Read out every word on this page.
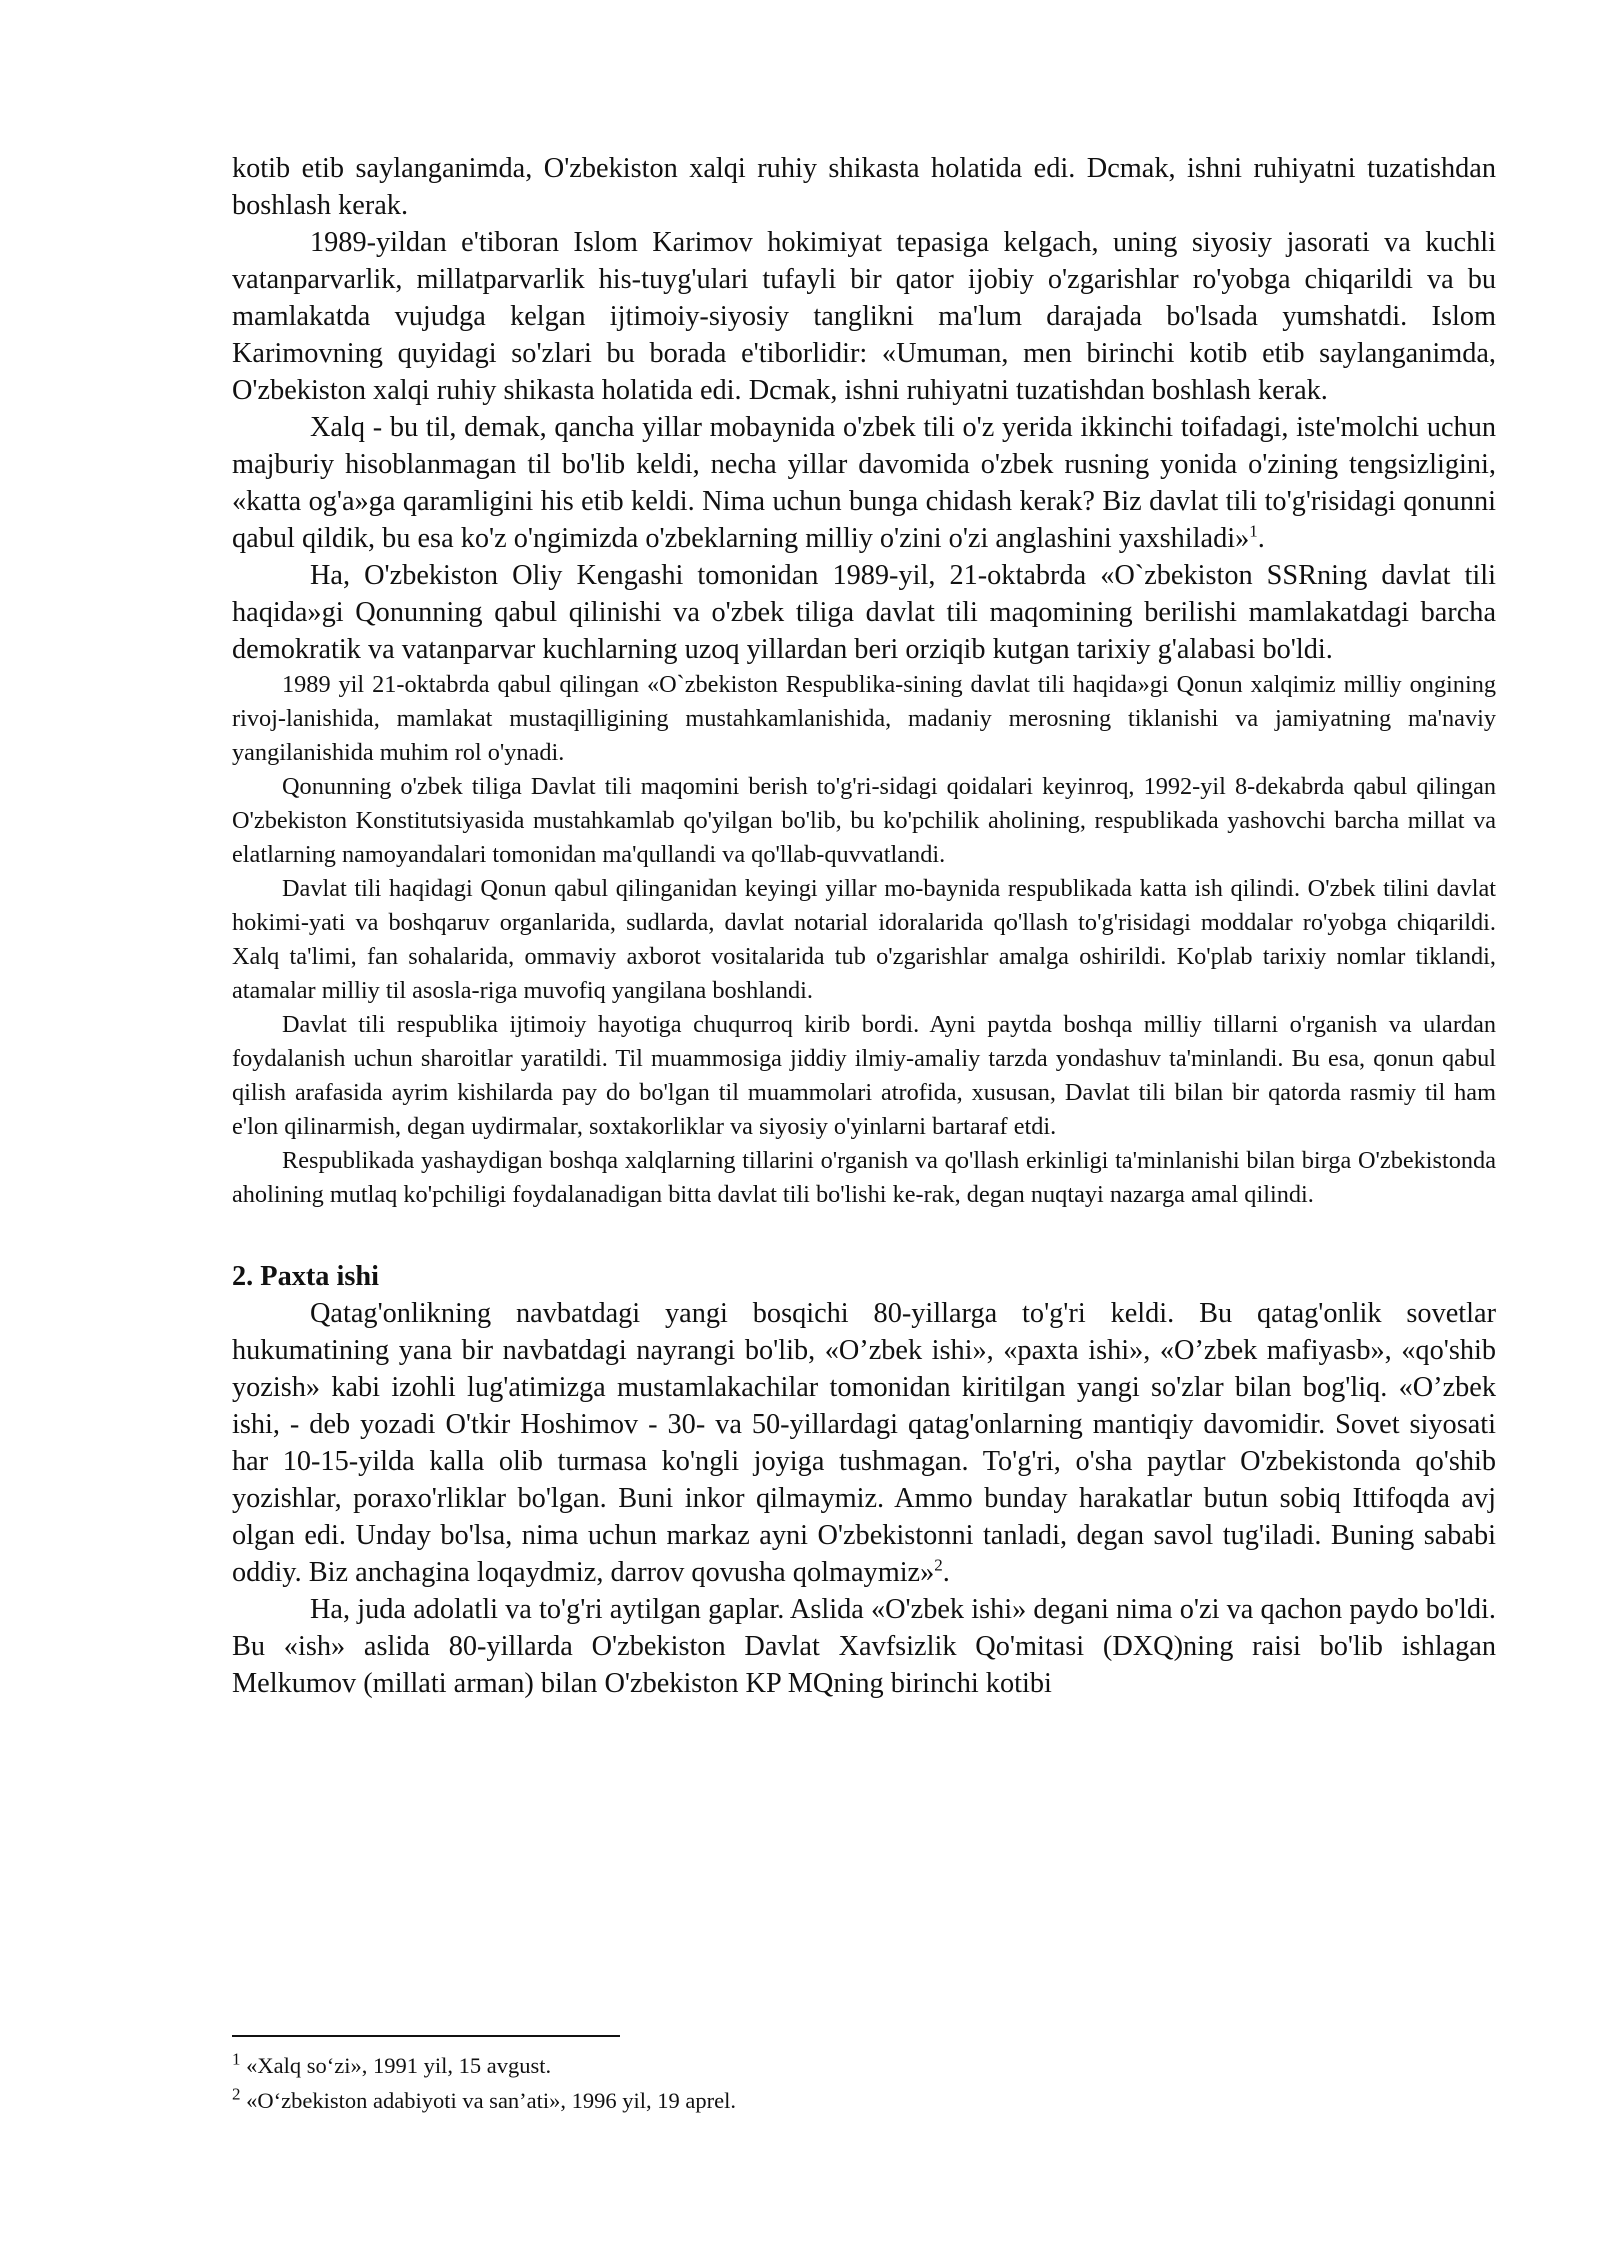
kotib etib saylanganimda, O'zbekiston xalqi ruhiy shikasta holatida edi. Dcmak, ishni ruhiyatni tuzatishdan boshlash kerak.

1989-yildan e'tiboran Islom Karimov hokimiyat tepasiga kelgach, uning siyosiy jasorati va kuchli vatanparvarlik, millatparvarlik his-tuyg'ulari tufayli bir qator ijobiy o'zgarishlar ro'yobga chiqarildi va bu mamlakatda vujudga kelgan ijtimoiy-siyosiy tanglikni ma'lum darajada bo'lsada yumshatdi. Islom Karimovning quyidagi so'zlari bu borada e'tiborlidir: «Umuman, men birinchi kotib etib saylanganimda, O'zbekiston xalqi ruhiy shikasta holatida edi. Dcmak, ishni ruhiyatni tuzatishdan boshlash kerak.

Xalq - bu til, demak, qancha yillar mobaynida o'zbek tili o'z yerida ikkinchi toifadagi, iste'molchi uchun majburiy hisoblanmagan til bo'lib keldi, necha yillar davomida o'zbek rusning yonida o'zining tengsizligini, «katta og'a»ga qaramligini his etib keldi. Nima uchun bunga chidash kerak? Biz davlat tili to'g'risidagi qonunni qabul qildik, bu esa ko'z o'ngimizda o'zbeklarning milliy o'zini o'zi anglashini yaxshiladi»$^1$.

Ha, O'zbekiston Oliy Kengashi tomonidan 1989-yil, 21-oktabrda «O`zbekiston SSRning davlat tili haqida»gi Qonunning qabul qilinishi va o'zbek tiliga davlat tili maqomining berilishi mamlakatdagi barcha demokratik va vatanparvar kuchlarning uzoq yillardan beri orziqib kutgan tarixiy g'alabasi bo'ldi.

1989 yil 21-oktabrda qabul qilingan «O`zbekiston Respublika-sining davlat tili haqida»gi Qonun xalqimiz milliy ongining rivoj-lanishida, mamlakat mustaqilligining mustahkamlanishida, madaniy merosning tiklanishi va jamiyatning ma'naviy yangilanishida muhim rol o'ynadi.

Qonunning o'zbek tiliga Davlat tili maqomini berish to'g'ri-sidagi qoidalari keyinroq, 1992-yil 8-dekabrda qabul qilingan O'zbekiston Konstitutsiyasida mustahkamlab qo'yilgan bo'lib, bu ko'pchilik aholining, respublikada yashovchi barcha millat va elatlarning namoyandalari tomonidan ma'qullandi va qo'llab-quvvatlandi.

Davlat tili haqidagi Qonun qabul qilinganidan keyingi yillar mo-baynida respublikada katta ish qilindi. O'zbek tilini davlat hokimi-yati va boshqaruv organlarida, sudlarda, davlat notarial idoralarida qo'llash to'g'risidagi moddalar ro'yobga chiqarildi. Xalq ta'limi, fan sohalarida, ommaviy axborot vositalarida tub o'zgarishlar amalga oshirildi. Ko'plab tarixiy nomlar tiklandi, atamalar milliy til asosla-riga muvofiq yangilana boshlandi.

Davlat tili respublika ijtimoiy hayotiga chuqurroq kirib bordi. Ayni paytda boshqa milliy tillarni o'rganish va ulardan foydalanish uchun sharoitlar yaratildi. Til muammosiga jiddiy ilmiy-amaliy tarzda yondashuv ta'minlandi. Bu esa, qonun qabul qilish arafasida ayrim kishilarda pay do bo'lgan til muammolari atrofida, xususan, Davlat tili bilan bir qatorda rasmiy til ham e'lon qilinarmish, degan uydirmalar, soxtakorliklar va siyosiy o'yinlarni bartaraf etdi.

Respublikada yashaydigan boshqa xalqlarning tillarini o'rganish va qo'llash erkinligi ta'minlanishi bilan birga O'zbekistonda aholining mutlaq ko'pchiligi foydalanadigan bitta davlat tili bo'lishi ke-rak, degan nuqtayi nazarga amal qilindi.

2. Paxta ishi

Qatag'onlikning navbatdagi yangi bosqichi 80-yillarga to'g'ri keldi. Bu qatag'onlik sovetlar hukumatining yana bir navbatdagi nayrangi bo'lib, «O’zbek ishi», «paxta ishi», «O’zbek mafiyasb», «qo'shib yozish» kabi izohli lug'atimizga mustamlakachilar tomonidan kiritilgan yangi so'zlar bilan bog'liq. «O’zbek ishi, - deb yozadi O'tkir Hoshimov - 30- va 50-yillardagi qatag'onlarning mantiqiy davomidir. Sovet siyosati har 10-15-yilda kalla olib turmasa ko'ngli joyiga tushmagan. To'g'ri, o'sha paytlar O'zbekistonda qo'shib yozishlar, poraxo'rliklar bo'lgan. Buni inkor qilmaymiz. Ammo bunday harakatlar butun sobiq Ittifoqda avj olgan edi. Unday bo'lsa, nima uchun markaz ayni O'zbekistonni tanladi, degan savol tug'iladi. Buning sababi oddiy. Biz anchagina loqaydmiz, darrov qovusha qolmaymiz»$^2$.

Ha, juda adolatli va to'g'ri aytilgan gaplar. Aslida «O'zbek ishi» degani nima o'zi va qachon paydo bo'ldi. Bu «ish» aslida 80-yillarda O'zbekiston Davlat Xavfsizlik Qo'mitasi (DXQ)ning raisi bo'lib ishlagan Melkumov (millati arman) bilan O'zbekiston KP MQning birinchi kotibi

$^1$ «Xalq so‘zi», 1991 yil, 15 avgust.

$^2$ «O‘zbekiston adabiyoti va san’ati», 1996 yil, 19 aprel.
